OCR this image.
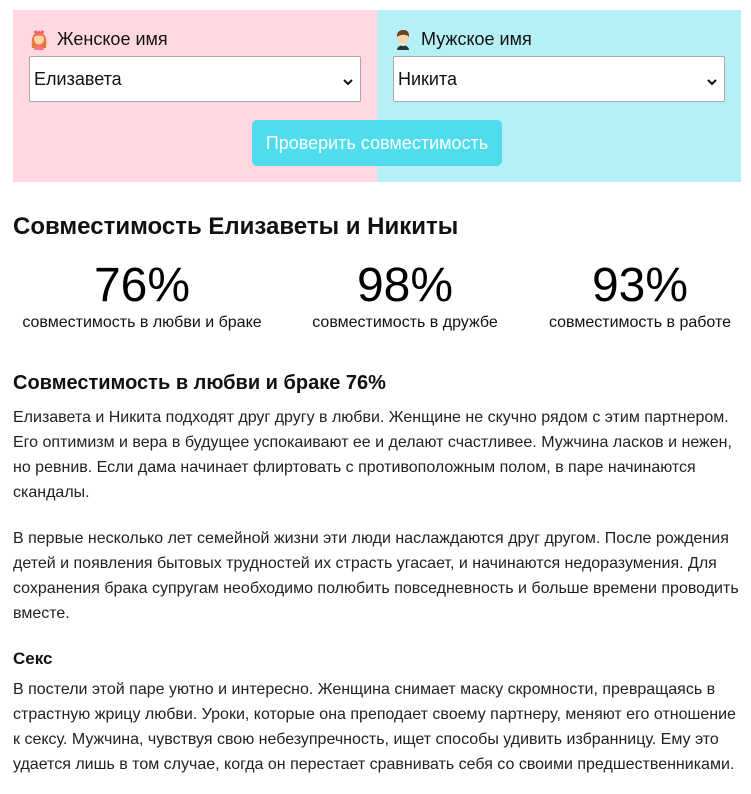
Женское имя
Елизавета
Мужское имя
Никита
Проверить совместимость
Совместимость Елизаветы и Никиты
76%
совместимость в любви и браке
98%
совместимость в дружбе
93%
совместимость в работе
Совместимость в любви и браке 76%

Елизавета и Никита подходят друг другу в любви. Женщине не скучно рядом с этим партнером. Его оптимизм и вера в будущее успокаивают ее и делают счастливее. Мужчина ласков и нежен, но ревнив. Если дама начинает флиртовать с противоположным полом, в паре начинаются скандалы.

В первые несколько лет семейной жизни эти люди наслаждаются друг другом. После рождения детей и появления бытовых трудностей их страсть угасает, и начинаются недоразумения. Для сохранения брака супругам необходимо полюбить повседневность и больше времени проводить вместе.

Секс

В постели этой паре уютно и интересно. Женщина снимает маску скромности, превращаясь в страстную жрицу любви. Уроки, которые она преподает своему партнеру, меняют его отношение к сексу. Мужчина, чувствуя свою небезупречность, ищет способы удивить избранницу. Ему это удается лишь в том случае, когда он перестает сравнивать себя со своими предшественниками.
